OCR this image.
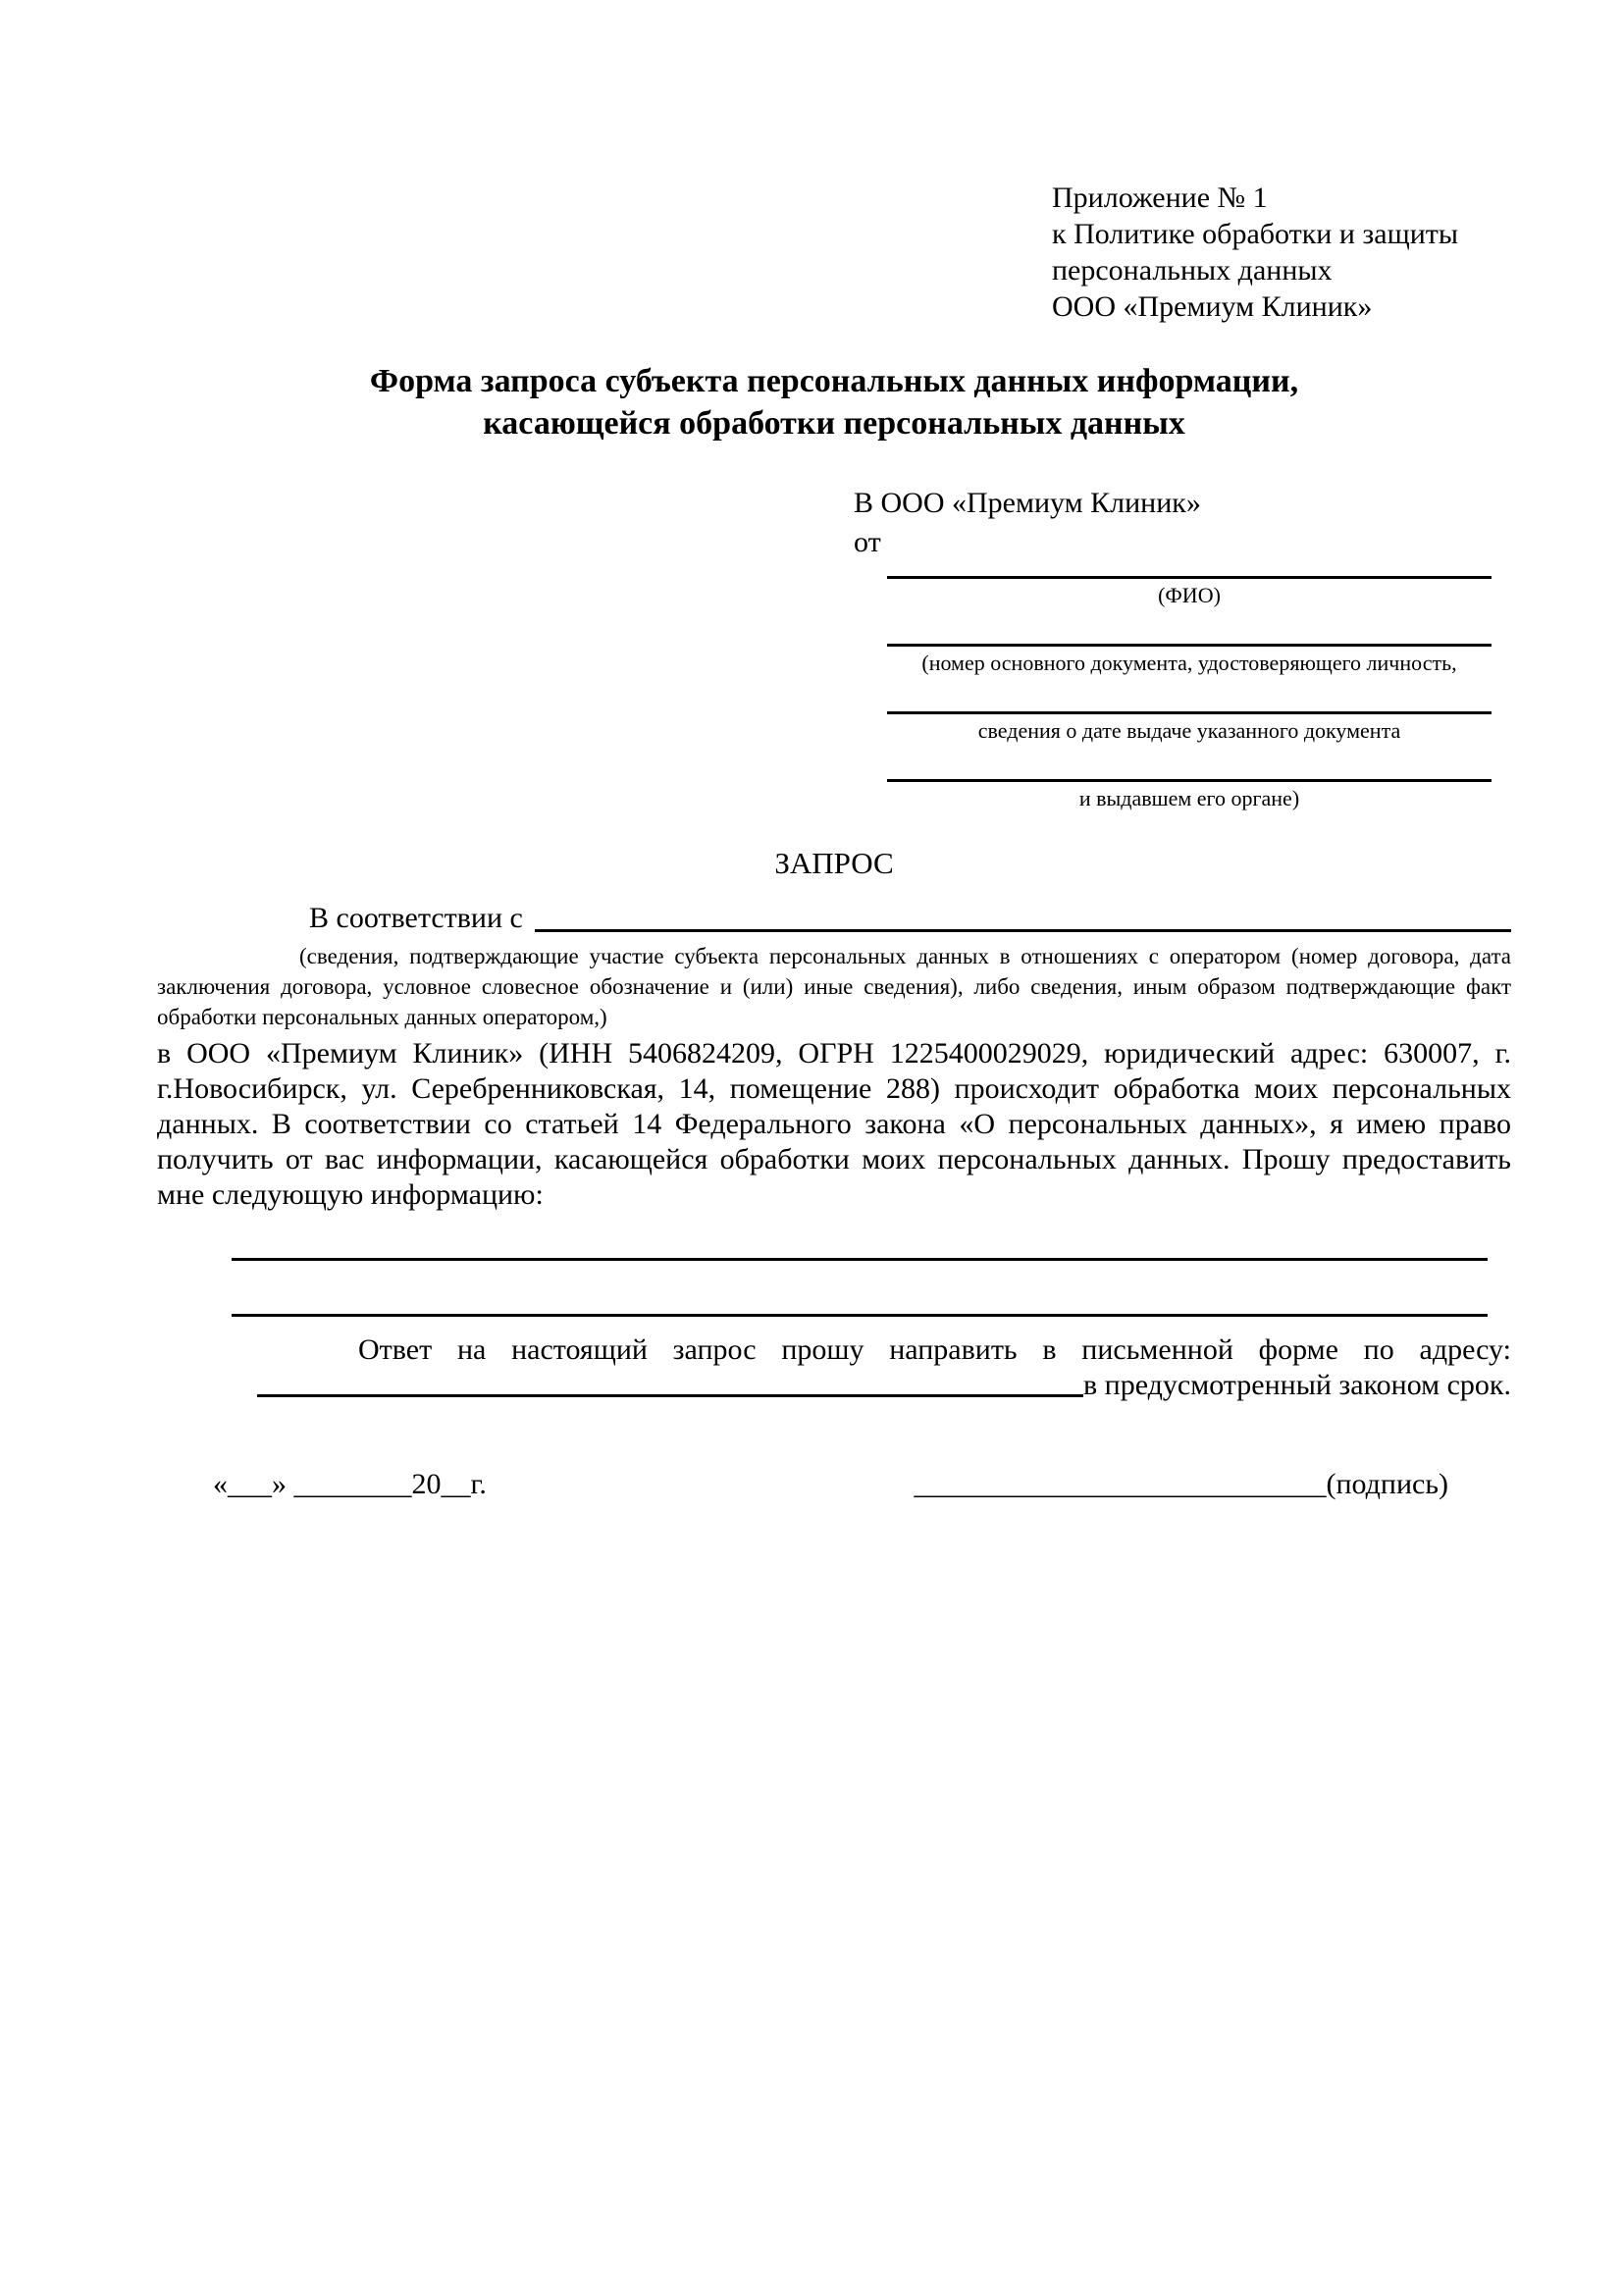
Приложение № 1
к Политике обработки и защиты
персональных данных
ООО «Премиум Клиник»
Форма запроса субъекта персональных данных информации,
касающейся обработки персональных данных
В ООО «Премиум Клиник»
от
(ФИО)
(номер основного документа, удостоверяющего личность,
сведения о дате выдаче указанного документа
и выдавшем его органе)
ЗАПРОС
В соответствии с
(сведения, подтверждающие участие субъекта персональных данных в отношениях с оператором (номер договора, дата заключения договора, условное словесное обозначение и (или) иные сведения), либо сведения, иным образом подтверждающие факт обработки персональных данных оператором,)
в ООО «Премиум Клиник» (ИНН 5406824209, ОГРН 1225400029029, юридический адрес: 630007, г. г.Новосибирск, ул. Серебренниковская, 14, помещение 288) происходит обработка моих персональных данных. В соответствии со статьей 14 Федерального закона «О персональных данных», я имею право получить от вас информации, касающейся обработки моих персональных данных. Прошу предоставить мне следующую информацию:
Ответ на настоящий запрос прошу направить в письменной форме по адресу:
в предусмотренный законом срок.
«___» ________20__г.	____________________________(подпись)
